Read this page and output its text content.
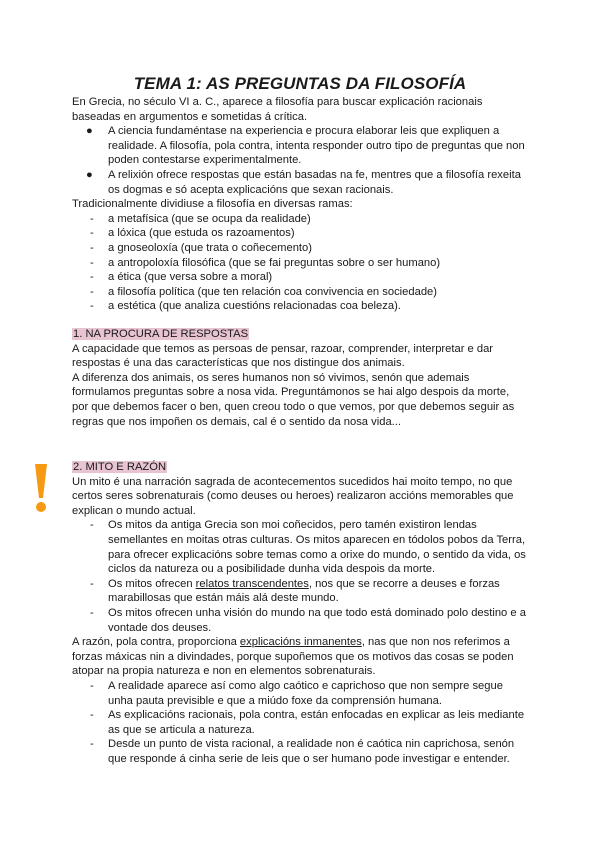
TEMA 1: AS PREGUNTAS DA FILOSOFÍA

En Grecia, no século VI a. C., aparece a filosofía para buscar explicación racionais baseadas en argumentos e sometidas á crítica.

● A ciencia fundaméntase na experiencia e procura elaborar leis que expliquen a realidade. A filosofía, pola contra, intenta responder outro tipo de preguntas que non poden contestarse experimentalmente.
● A relixión ofrece respostas que están basadas na fe, mentres que a filosofía rexeita os dogmas e só acepta explicacións que sexan racionais.

Tradicionalmente dividiuse a filosofía en diversas ramas:

- a metafísica (que se ocupa da realidade)
- a lóxica (que estuda os razoamentos)
- a gnoseoloxía (que trata o coñecemento)
- a antropoloxía filosófica (que se fai preguntas sobre o ser humano)
- a ética (que versa sobre a moral)
- a filosofía política (que ten relación coa convivencia en sociedade)
- a estética (que analiza cuestións relacionadas coa beleza).

1. NA PROCURA DE RESPOSTAS

A capacidade que temos as persoas de pensar, razoar, comprender, interpretar e dar respostas é una das características que nos distingue dos animais.

A diferenza dos animais, os seres humanos non só vivimos, senón que ademais formulamos preguntas sobre a nosa vida. Preguntámonos se hai algo despois da morte, por que debemos facer o ben, quen creou todo o que vemos, por que debemos seguir as regras que nos impoñen os demais, cal é o sentido da nosa vida...

2. MITO E RAZÓN

Un mito é una narración sagrada de acontecementos sucedidos hai moito tempo, no que certos seres sobrenaturais (como deuses ou heroes) realizaron accións memorables que explican o mundo actual.

- Os mitos da antiga Grecia son moi coñecidos, pero tamén existiron lendas semellantes en moitas otras culturas. Os mitos aparecen en tódolos pobos da Terra, para ofrecer explicacións sobre temas como a orixe do mundo, o sentido da vida, os ciclos da natureza ou a posibilidade dunha vida despois da morte.
- Os mitos ofrecen relatos transcendentes, nos que se recorre a deuses e forzas marabillosas que están máis alá deste mundo.
- Os mitos ofrecen unha visión do mundo na que todo está dominado polo destino e a vontade dos deuses.

A razón, pola contra, proporciona explicacións inmanentes, nas que non nos referimos a forzas máxicas nin a divindades, porque supoñemos que os motivos das cosas se poden atopar na propia natureza e non en elementos sobrenaturais.

- A realidade aparece así como algo caótico e caprichoso que non sempre segue unha pauta previsible e que a miúdo foxe da comprensión humana.
- As explicacións racionais, pola contra, están enfocadas en explicar as leis mediante as que se articula a natureza.
- Desde un punto de vista racional, a realidade non é caótica nin caprichosa, senón que responde á cinha serie de leis que o ser humano pode investigar e entender.
